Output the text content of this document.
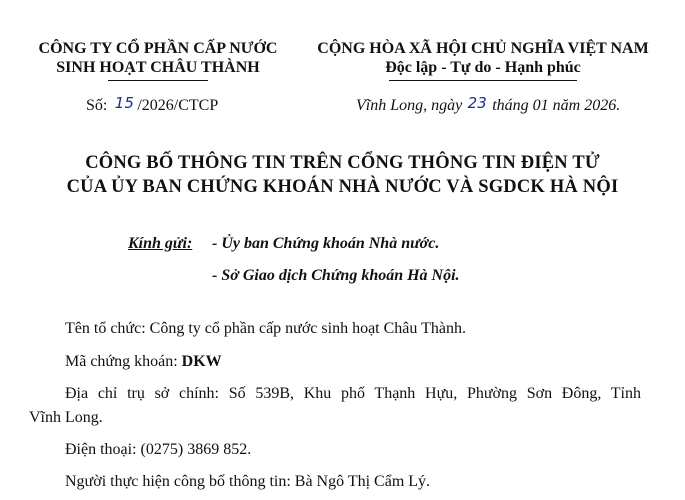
CÔNG TY CỔ PHẦN CẤP NƯỚC
SINH HOẠT CHÂU THÀNH
CỘNG HÒA XÃ HỘI CHỦ NGHĨA VIỆT NAM
Độc lập - Tự do - Hạnh phúc
Số: 15 /2026/CTCP	Vĩnh Long, ngày 23 tháng 01 năm 2026.
CÔNG BỐ THÔNG TIN TRÊN CỔNG THÔNG TIN ĐIỆN TỬ
CỦA ỦY BAN CHỨNG KHOÁN NHÀ NƯỚC VÀ SGDCK HÀ NỘI
Kính gửi: - Ủy ban Chứng khoán Nhà nước.
- Sở Giao dịch Chứng khoán Hà Nội.
Tên tổ chức: Công ty cổ phần cấp nước sinh hoạt Châu Thành.
Mã chứng khoán: DKW
Địa chỉ trụ sở chính: Số 539B, Khu phố Thạnh Hựu, Phường Sơn Đông, Tỉnh
Vĩnh Long.
Điện thoại: (0275) 3869 852.
Người thực hiện công bố thông tin: Bà Ngô Thị Cẩm Lý.
